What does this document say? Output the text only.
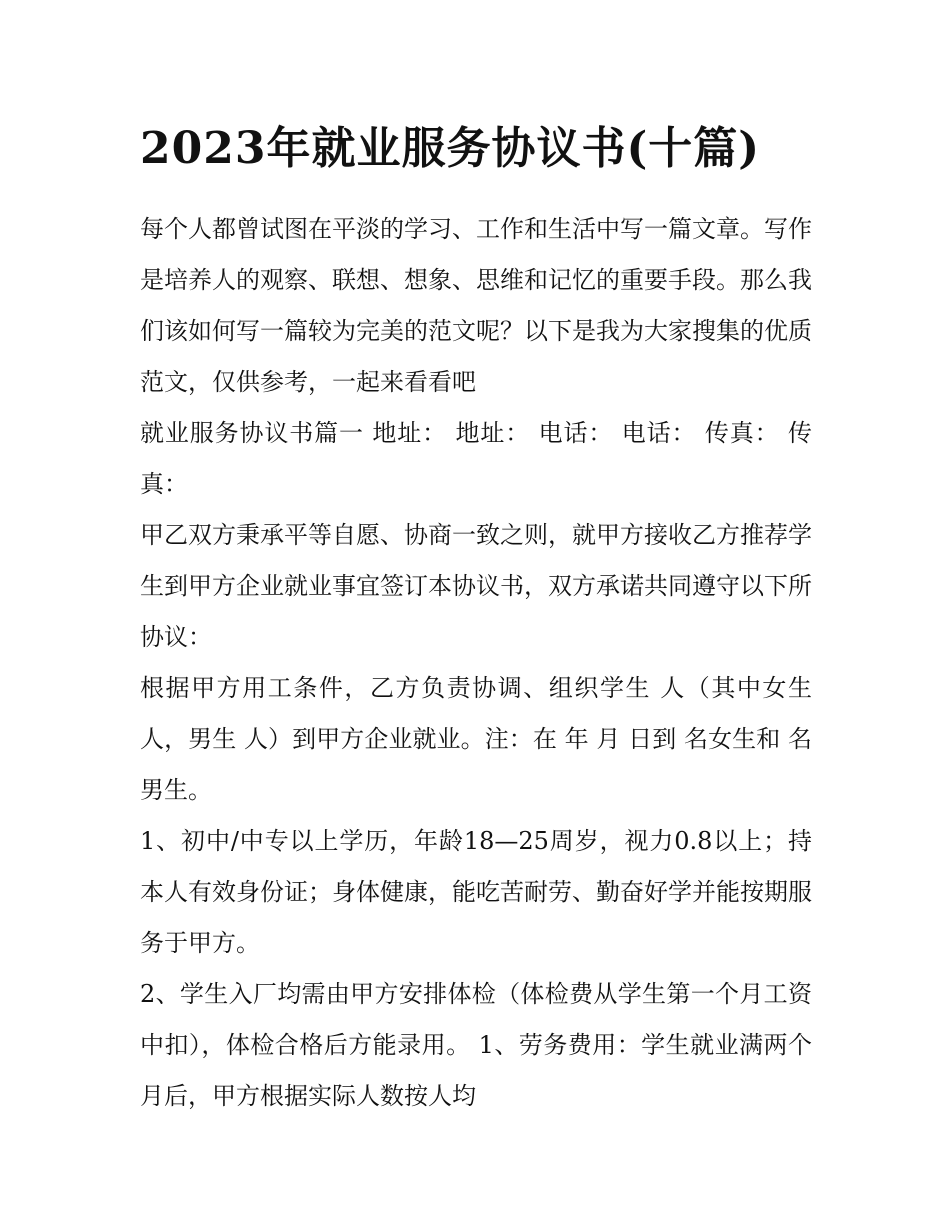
2023年就业服务协议书(十篇)

每个人都曾试图在平淡的学习、工作和生活中写一篇文章。写作是培养人的观察、联想、想象、思维和记忆的重要手段。那么我们该如何写一篇较为完美的范文呢？以下是我为大家搜集的优质范文，仅供参考，一起来看看吧

就业服务协议书篇一 地址： 地址： 电话： 电话： 传真： 传真：

甲乙双方秉承平等自愿、协商一致之则，就甲方接收乙方推荐学生到甲方企业就业事宜签订本协议书，双方承诺共同遵守以下所协议：

根据甲方用工条件，乙方负责协调、组织学生 人（其中女生 人，男生 人）到甲方企业就业。注：在 年 月 日到 名女生和 名男生。

1、初中/中专以上学历，年龄18—25周岁，视力0.8以上；持本人有效身份证；身体健康，能吃苦耐劳、勤奋好学并能按期服务于甲方。

2、学生入厂均需由甲方安排体检（体检费从学生第一个月工资中扣），体检合格后方能录用。 1、劳务费用：学生就业满两个月后，甲方根据实际人数按人均
